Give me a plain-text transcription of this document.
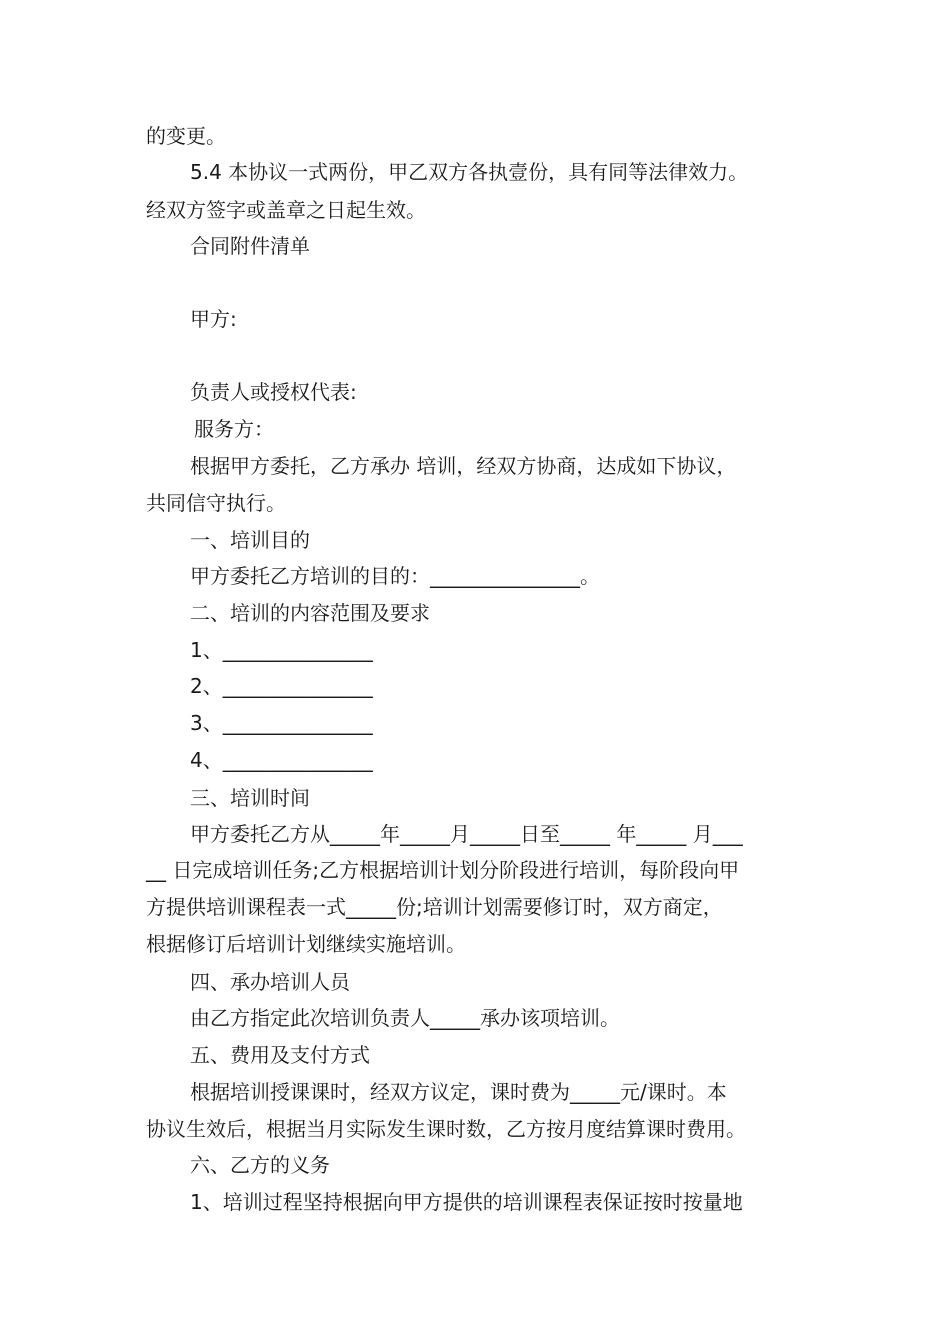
的变更。
5.4 本协议一式两份，甲乙双方各执壹份，具有同等法律效力。
经双方签字或盖章之日起生效。
合同附件清单
甲方:
负责人或授权代表:
服务方：
根据甲方委托，乙方承办 培训，经双方协商，达成如下协议，
共同信守执行。
一、培训目的
甲方委托乙方培训的目的：_______________。
二、培训的内容范围及要求
1、_______________
2、_______________
3、_______________
4、_______________
三、培训时间
甲方委托乙方从_____年_____月_____日至_____ 年_____ 月___
__ 日完成培训任务;乙方根据培训计划分阶段进行培训，每阶段向甲
方提供培训课程表一式_____份;培训计划需要修订时，双方商定，
根据修订后培训计划继续实施培训。
四、承办培训人员
由乙方指定此次培训负责人_____承办该项培训。
五、费用及支付方式
根据培训授课课时，经双方议定，课时费为_____元/课时。本
协议生效后，根据当月实际发生课时数，乙方按月度结算课时费用。
六、乙方的义务
1、培训过程坚持根据向甲方提供的培训课程表保证按时按量地
